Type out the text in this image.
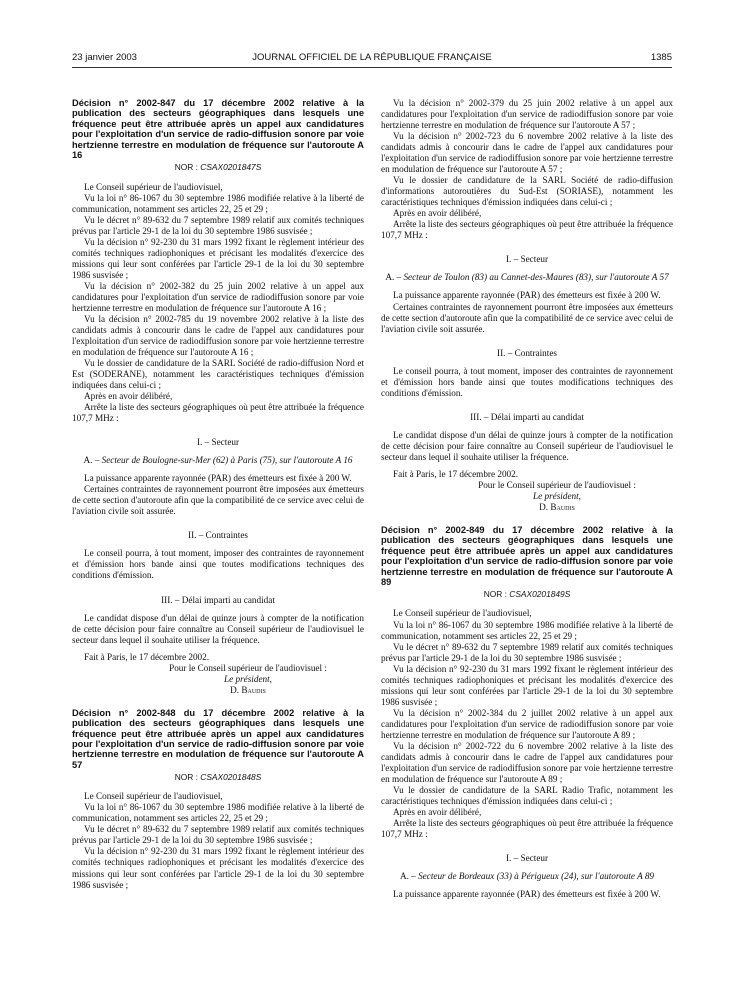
23 janvier 2003	JOURNAL OFFICIEL DE LA RÉPUBLIQUE FRANÇAISE	1385
Décision n° 2002-847 du 17 décembre 2002 relative à la publication des secteurs géographiques dans lesquels une fréquence peut être attribuée après un appel aux candidatures pour l'exploitation d'un service de radio-diffusion sonore par voie hertzienne terrestre en modulation de fréquence sur l'autoroute A 16
NOR : CSAX0201847S

Le Conseil supérieur de l'audiovisuel,

Vu la loi n° 86-1067 du 30 septembre 1986 modifiée relative à la liberté de communication, notamment ses articles 22, 25 et 29 ;

Vu le décret n° 89-632 du 7 septembre 1989 relatif aux comités techniques prévus par l'article 29-1 de la loi du 30 septembre 1986 susvisée ;

Vu la décision n° 92-230 du 31 mars 1992 fixant le règlement intérieur des comités techniques radiophoniques et précisant les modalités d'exercice des missions qui leur sont conférées par l'article 29-1 de la loi du 30 septembre 1986 susvisée ;

Vu la décision n° 2002-382 du 25 juin 2002 relative à un appel aux candidatures pour l'exploitation d'un service de radiodiffusion sonore par voie hertzienne terrestre en modulation de fréquence sur l'autoroute A 16 ;

Vu la décision n° 2002-785 du 19 novembre 2002 relative à la liste des candidats admis à concourir dans le cadre de l'appel aux candidatures pour l'exploitation d'un service de radiodiffusion sonore par voie hertzienne terrestre en modulation de fréquence sur l'autoroute A 16 ;

Vu le dossier de candidature de la SARL Société de radio-diffusion Nord et Est (SODERANE), notamment les caractéristiques techniques d'émission indiquées dans celui-ci ;

Après en avoir délibéré,

Arrête la liste des secteurs géographiques où peut être attribuée la fréquence 107,7 MHz :

I. – Secteur
A. – Secteur de Boulogne-sur-Mer (62) à Paris (75), sur l'autoroute A 16

La puissance apparente rayonnée (PAR) des émetteurs est fixée à 200 W.

Certaines contraintes de rayonnement pourront être imposées aux émetteurs de cette section d'autoroute afin que la compatibilité de ce service avec celui de l'aviation civile soit assurée.

II. – Contraintes

Le conseil pourra, à tout moment, imposer des contraintes de rayonnement et d'émission hors bande ainsi que toutes modifications techniques des conditions d'émission.

III. – Délai imparti au candidat

Le candidat dispose d'un délai de quinze jours à compter de la notification de cette décision pour faire connaître au Conseil supérieur de l'audiovisuel le secteur dans lequel il souhaite utiliser la fréquence.

Fait à Paris, le 17 décembre 2002.

Pour le Conseil supérieur de l'audiovisuel :
Le président,
D. Baudis
Décision n° 2002-848 du 17 décembre 2002 relative à la publication des secteurs géographiques dans lesquels une fréquence peut être attribuée après un appel aux candidatures pour l'exploitation d'un service de radio-diffusion sonore par voie hertzienne terrestre en modulation de fréquence sur l'autoroute A 57
NOR : CSAX0201848S

Le Conseil supérieur de l'audiovisuel,

Vu la loi n° 86-1067 du 30 septembre 1986 modifiée relative à la liberté de communication, notamment ses articles 22, 25 et 29 ;

Vu le décret n° 89-632 du 7 septembre 1989 relatif aux comités techniques prévus par l'article 29-1 de la loi du 30 septembre 1986 susvisée ;

Vu la décision n° 92-230 du 31 mars 1992 fixant le règlement intérieur des comités techniques radiophoniques et précisant les modalités d'exercice des missions qui leur sont conférées par l'article 29-1 de la loi du 30 septembre 1986 susvisée ;

Vu la décision n° 2002-379 du 25 juin 2002 relative à un appel aux candidatures pour l'exploitation d'un service de radiodiffusion sonore par voie hertzienne terrestre en modulation de fréquence sur l'autoroute A 57 ;

Vu la décision n° 2002-723 du 6 novembre 2002 relative à la liste des candidats admis à concourir dans le cadre de l'appel aux candidatures pour l'exploitation d'un service de radiodiffusion sonore par voie hertzienne terrestre en modulation de fréquence sur l'autoroute A 57 ;

Vu le dossier de candidature de la SARL Société de radio-diffusion d'informations autoroutières du Sud-Est (SORIASE), notamment les caractéristiques techniques d'émission indiquées dans celui-ci ;

Après en avoir délibéré,

Arrête la liste des secteurs géographiques où peut être attribuée la fréquence 107,7 MHz :

I. – Secteur
A. – Secteur de Toulon (83) au Cannet-des-Maures (83), sur l'autoroute A 57

La puissance apparente rayonnée (PAR) des émetteurs est fixée à 200 W.

Certaines contraintes de rayonnement pourront être imposées aux émetteurs de cette section d'autoroute afin que la compatibilité de ce service avec celui de l'aviation civile soit assurée.

II. – Contraintes

Le conseil pourra, à tout moment, imposer des contraintes de rayonnement et d'émission hors bande ainsi que toutes modifications techniques des conditions d'émission.

III. – Délai imparti au candidat

Le candidat dispose d'un délai de quinze jours à compter de la notification de cette décision pour faire connaître au Conseil supérieur de l'audiovisuel le secteur dans lequel il souhaite utiliser la fréquence.

Fait à Paris, le 17 décembre 2002.

Pour le Conseil supérieur de l'audiovisuel :
Le président,
D. Baudis
Décision n° 2002-849 du 17 décembre 2002 relative à la publication des secteurs géographiques dans lesquels une fréquence peut être attribuée après un appel aux candidatures pour l'exploitation d'un service de radio-diffusion sonore par voie hertzienne terrestre en modulation de fréquence sur l'autoroute A 89
NOR : CSAX0201849S

Le Conseil supérieur de l'audiovisuel,

Vu la loi n° 86-1067 du 30 septembre 1986 modifiée relative à la liberté de communication, notamment ses articles 22, 25 et 29 ;

Vu le décret n° 89-632 du 7 septembre 1989 relatif aux comités techniques prévus par l'article 29-1 de la loi du 30 septembre 1986 susvisée ;

Vu la décision n° 92-230 du 31 mars 1992 fixant le règlement intérieur des comités techniques radiophoniques et précisant les modalités d'exercice des missions qui leur sont conférées par l'article 29-1 de la loi du 30 septembre 1986 susvisée ;

Vu la décision n° 2002-384 du 2 juillet 2002 relative à un appel aux candidatures pour l'exploitation d'un service de radiodiffusion sonore par voie hertzienne terrestre en modulation de fréquence sur l'autoroute A 89 ;

Vu la décision n° 2002-722 du 6 novembre 2002 relative à la liste des candidats admis à concourir dans le cadre de l'appel aux candidatures pour l'exploitation d'un service de radiodiffusion sonore par voie hertzienne terrestre en modulation de fréquence sur l'autoroute A 89 ;

Vu le dossier de candidature de la SARL Radio Trafic, notamment les caractéristiques techniques d'émission indiquées dans celui-ci ;

Après en avoir délibéré,

Arrête la liste des secteurs géographiques où peut être attribuée la fréquence 107,7 MHz :

I. – Secteur
A. – Secteur de Bordeaux (33) à Périgueux (24), sur l'autoroute A 89

La puissance apparente rayonnée (PAR) des émetteurs est fixée à 200 W.
